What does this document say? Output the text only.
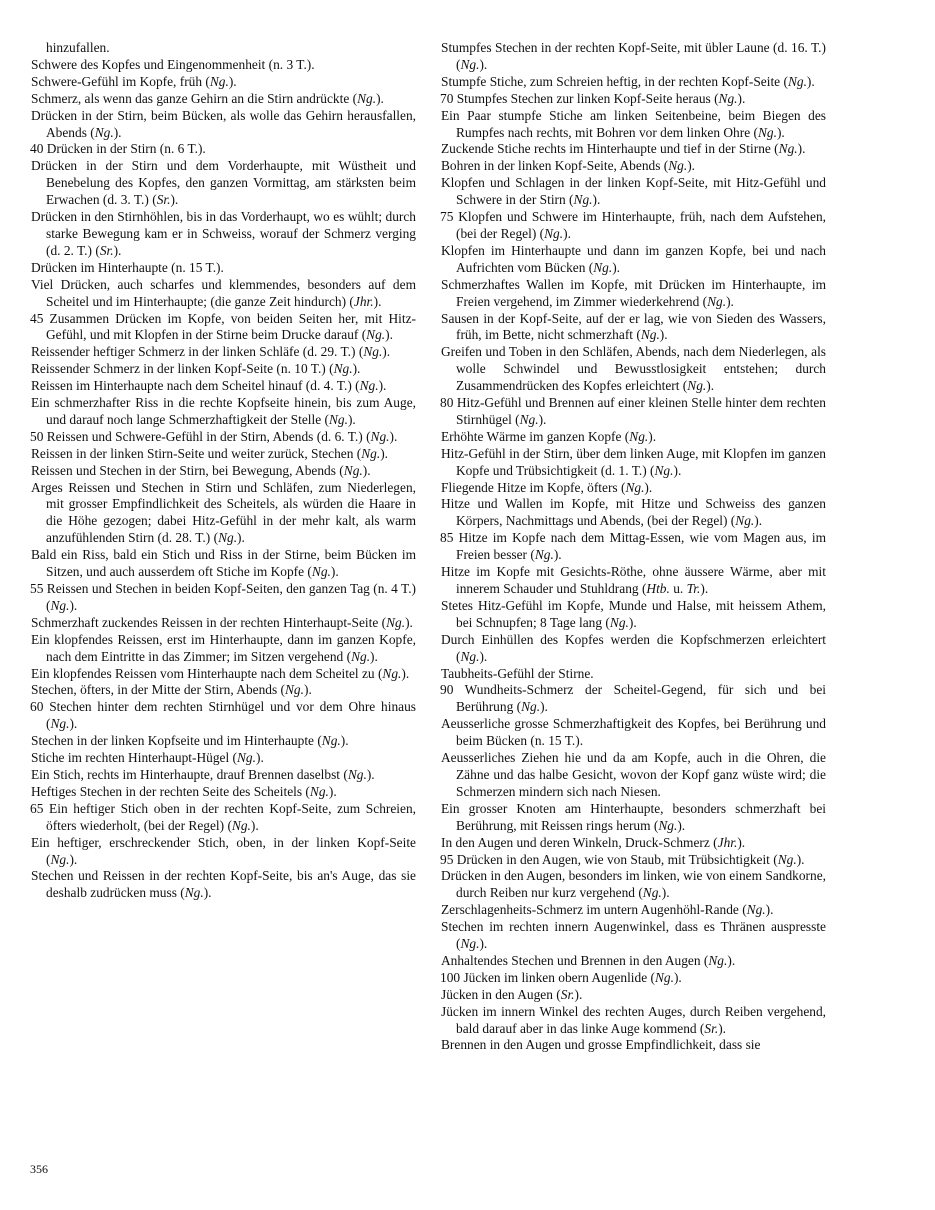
hinzufallen.
Schwere des Kopfes und Eingenommenheit (n. 3 T.).
Schwere-Gefühl im Kopfe, früh (Ng.).
Schmerz, als wenn das ganze Gehirn an die Stirn andrückte (Ng.).
Drücken in der Stirn, beim Bücken, als wolle das Gehirn herausfallen, Abends (Ng.).
40 Drücken in der Stirn (n. 6 T.).
Drücken in der Stirn und dem Vorderhaupte, mit Wüstheit und Benebelung des Kopfes, den ganzen Vormittag, am stärksten beim Erwachen (d. 3. T.) (Sr.).
Drücken in den Stirnhöhlen, bis in das Vorderhaupt, wo es wühlt; durch starke Bewegung kam er in Schweiss, worauf der Schmerz verging (d. 2. T.) (Sr.).
Drücken im Hinterhaupte (n. 15 T.).
Viel Drücken, auch scharfes und klemmendes, besonders auf dem Scheitel und im Hinterhaupte; (die ganze Zeit hindurch) (Jhr.).
45 Zusammen Drücken im Kopfe, von beiden Seiten her, mit Hitz-Gefühl, und mit Klopfen in der Stirne beim Drucke darauf (Ng.).
Reissender heftiger Schmerz in der linken Schläfe (d. 29. T.) (Ng.).
Reissender Schmerz in der linken Kopf-Seite (n. 10 T.) (Ng.).
Reissen im Hinterhaupte nach dem Scheitel hinauf (d. 4. T.) (Ng.).
Ein schmerzhafter Riss in die rechte Kopfseite hinein, bis zum Auge, und darauf noch lange Schmerzhaftigkeit der Stelle (Ng.).
50 Reissen und Schwere-Gefühl in der Stirn, Abends (d. 6. T.) (Ng.).
Reissen in der linken Stirn-Seite und weiter zurück, Stechen (Ng.).
Reissen und Stechen in der Stirn, bei Bewegung, Abends (Ng.).
Arges Reissen und Stechen in Stirn und Schläfen, zum Niederlegen, mit grosser Empfindlichkeit des Scheitels, als würden die Haare in die Höhe gezogen; dabei Hitz-Gefühl in der mehr kalt, als warm anzufühlenden Stirn (d. 28. T.) (Ng.).
Bald ein Riss, bald ein Stich und Riss in der Stirne, beim Bücken im Sitzen, und auch ausserdem oft Stiche im Kopfe (Ng.).
55 Reissen und Stechen in beiden Kopf-Seiten, den ganzen Tag (n. 4 T.) (Ng.).
Schmerzhaft zuckendes Reissen in der rechten Hinterhaupt-Seite (Ng.).
Ein klopfendes Reissen, erst im Hinterhaupte, dann im ganzen Kopfe, nach dem Eintritte in das Zimmer; im Sitzen vergehend (Ng.).
Ein klopfendes Reissen vom Hinterhaupte nach dem Scheitel zu (Ng.).
Stechen, öfters, in der Mitte der Stirn, Abends (Ng.).
60 Stechen hinter dem rechten Stirnhügel und vor dem Ohre hinaus (Ng.).
Stechen in der linken Kopfseite und im Hinterhaupte (Ng.).
Stiche im rechten Hinterhaupt-Hügel (Ng.).
Ein Stich, rechts im Hinterhaupte, drauf Brennen daselbst (Ng.).
Heftiges Stechen in der rechten Seite des Scheitels (Ng.).
65 Ein heftiger Stich oben in der rechten Kopf-Seite, zum Schreien, öfters wiederholt, (bei der Regel) (Ng.).
Ein heftiger, erschreckender Stich, oben, in der linken Kopf-Seite (Ng.).
Stechen und Reissen in der rechten Kopf-Seite, bis an's Auge, das sie deshalb zudrücken muss (Ng.).
Stumpfes Stechen in der rechten Kopf-Seite, mit übler Laune (d. 16. T.) (Ng.).
Stumpfe Stiche, zum Schreien heftig, in der rechten Kopf-Seite (Ng.).
70 Stumpfes Stechen zur linken Kopf-Seite heraus (Ng.).
Ein Paar stumpfe Stiche am linken Seitenbeine, beim Biegen des Rumpfes nach rechts, mit Bohren vor dem linken Ohre (Ng.).
Zuckende Stiche rechts im Hinterhaupte und tief in der Stirne (Ng.).
Bohren in der linken Kopf-Seite, Abends (Ng.).
Klopfen und Schlagen in der linken Kopf-Seite, mit Hitz-Gefühl und Schwere in der Stirn (Ng.).
75 Klopfen und Schwere im Hinterhaupte, früh, nach dem Aufstehen, (bei der Regel) (Ng.).
Klopfen im Hinterhaupte und dann im ganzen Kopfe, bei und nach Aufrichten vom Bücken (Ng.).
Schmerzhaftes Wallen im Kopfe, mit Drücken im Hinterhaupte, im Freien vergehend, im Zimmer wiederkehrend (Ng.).
Sausen in der Kopf-Seite, auf der er lag, wie von Sieden des Wassers, früh, im Bette, nicht schmerzhaft (Ng.).
Greifen und Toben in den Schläfen, Abends, nach dem Niederlegen, als wolle Schwindel und Bewusstlosigkeit entstehen; durch Zusammendrücken des Kopfes erleichtert (Ng.).
80 Hitz-Gefühl und Brennen auf einer kleinen Stelle hinter dem rechten Stirnhügel (Ng.).
Erhöhte Wärme im ganzen Kopfe (Ng.).
Hitz-Gefühl in der Stirn, über dem linken Auge, mit Klopfen im ganzen Kopfe und Trübsichtigkeit (d. 1. T.) (Ng.).
Fliegende Hitze im Kopfe, öfters (Ng.).
Hitze und Wallen im Kopfe, mit Hitze und Schweiss des ganzen Körpers, Nachmittags und Abends, (bei der Regel) (Ng.).
85 Hitze im Kopfe nach dem Mittag-Essen, wie vom Magen aus, im Freien besser (Ng.).
Hitze im Kopfe mit Gesichts-Röthe, ohne äussere Wärme, aber mit innerem Schauder und Stuhldrang (Htb. u. Tr.).
Stetes Hitz-Gefühl im Kopfe, Munde und Halse, mit heissem Athem, bei Schnupfen; 8 Tage lang (Ng.).
Durch Einhüllen des Kopfes werden die Kopfschmerzen erleichtert (Ng.).
Taubheits-Gefühl der Stirne.
90 Wundheits-Schmerz der Scheitel-Gegend, für sich und bei Berührung (Ng.).
Aeusserliche grosse Schmerzhaftigkeit des Kopfes, bei Berührung und beim Bücken (n. 15 T.).
Aeusserliches Ziehen hie und da am Kopfe, auch in die Ohren, die Zähne und das halbe Gesicht, wovon der Kopf ganz wüste wird; die Schmerzen mindern sich nach Niesen.
Ein grosser Knoten am Hinterhaupte, besonders schmerzhaft bei Berührung, mit Reissen rings herum (Ng.).
In den Augen und deren Winkeln, Druck-Schmerz (Jhr.).
95 Drücken in den Augen, wie von Staub, mit Trübsichtigkeit (Ng.).
Drücken in den Augen, besonders im linken, wie von einem Sandkorne, durch Reiben nur kurz vergehend (Ng.).
Zerschlagenheits-Schmerz im untern Augenhöhl-Rande (Ng.).
Stechen im rechten innern Augenwinkel, dass es Thränen auspresste (Ng.).
Anhaltendes Stechen und Brennen in den Augen (Ng.).
100 Jücken im linken obern Augenlide (Ng.).
Jücken in den Augen (Sr.).
Jücken im innern Winkel des rechten Auges, durch Reiben vergehend, bald darauf aber in das linke Auge kommend (Sr.).
Brennen in den Augen und grosse Empfindlichkeit, dass sie
356
